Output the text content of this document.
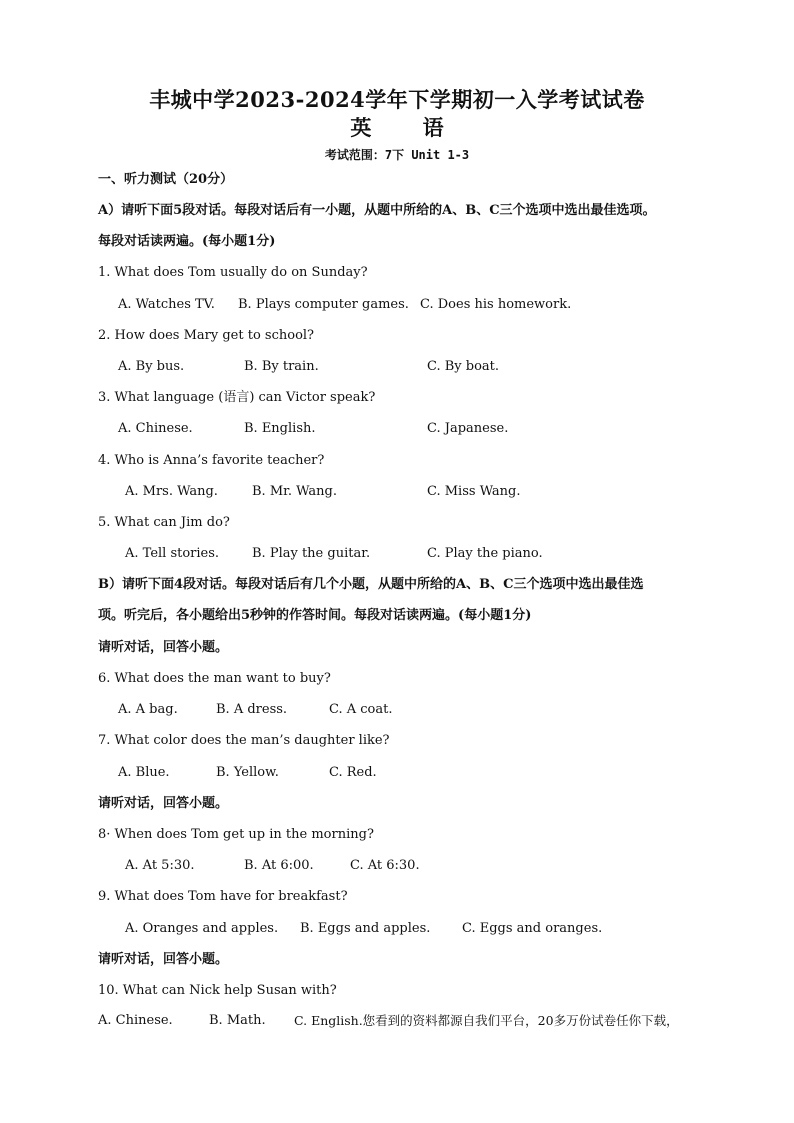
丰城中学2023-2024学年下学期初一入学考试试卷
英 语
考试范围：7下 Unit 1-3
一、听力测试（20分）
A）请听下面5段对话。每段对话后有一小题，从题中所给的A、B、C三个选项中选出最佳选项。
每段对话读两遍。(每小题1分)
1. What does Tom usually do on Sunday?
A. Watches TV. B. Plays computer games. C. Does his homework.
2. How does Mary get to school?
A. By bus.	B. By train.	C. By boat.
3. What language (语言) can Victor speak?
A. Chinese.	B. English.	C. Japanese.
4. Who is Anna’s favorite teacher?
A. Mrs. Wang.	B. Mr. Wang.	C. Miss Wang.
5. What can Jim do?
A. Tell stories.	B. Play the guitar.	C. Play the piano.
B）请听下面4段对话。每段对话后有几个小题，从题中所给的A、B、C三个选项中选出最佳选
项。听完后，各小题给出5秒钟的作答时间。每段对话读两遍。(每小题1分)
请听对话，回答小题。
6. What does the man want to buy?
A. A bag.	B. A dress.	C. A coat.
7. What color does the man’s daughter like?
A. Blue.	B. Yellow.	C. Red.
请听对话，回答小题。
8· When does Tom get up in the morning?
A. At 5:30.	B. At 6:00.	C. At 6:30.
9. What does Tom have for breakfast?
A. Oranges and apples. B. Eggs and apples. C. Eggs and oranges.
请听对话，回答小题。
10. What can Nick help Susan with?
A. Chinese.	B. Math. C. English.您看到的资料都源自我们平台，20多万份试卷任你下载，
